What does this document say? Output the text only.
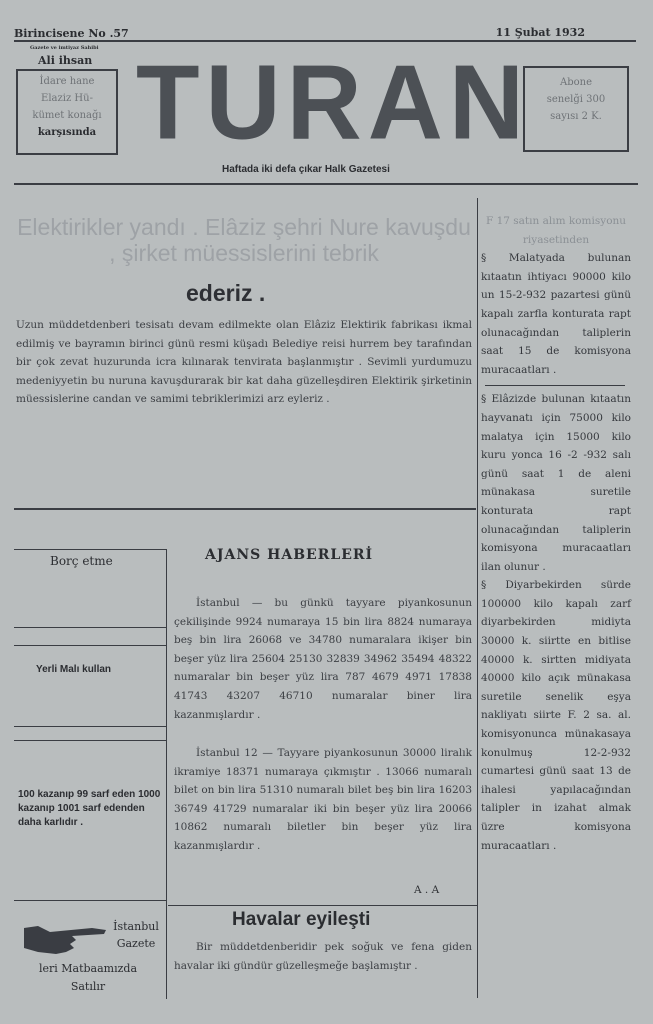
Birincisene No .57	11 Şubat 1932
Gazete ve imtiyaz Sahibi
Ali ihsan
İdare hane
Elaziz Hü-
kümet konağı
karşısında TURAN	Abone
senelği 300
sayısı 2 K.
Haftada iki defa çıkar Halk Gazetesi
Elektirikler yandı . Elâziz şehri Nure kavuşdu , şirket müessislerini tebrik
ederiz .
Uzun müddetdenberi tesisatı devam edilmekte olan Elâziz Elektirik fabrikası ikmal edilmiş ve bayramın birinci günü resmi küşadı Belediye reisi hurrem bey tarafından bir çok zevat huzurunda icra kılınarak tenvirata başlanmıştır . Sevimli yurdumuzu medeniyyetin bu nuruna kavuşdurarak bir kat daha güzelleşdiren Elektirik şirketinin müessislerine candan ve samimi tebriklerimizi arz eyleriz .

F 17 satın alım komisyonu riyasetinden

§ Malatyada bulunan kıtaatın ihtiyacı 90000 kilo un 15-2-932 pazartesi günü kapalı zarfla konturata rapt olunacağından taliplerin saat 15 de komisyona muracaatları .

§ Elâzizde bulunan kıtaatın hayvanatı için 75000 kilo malatya için 15000 kilo kuru yonca 16 -2 -932 salı günü saat 1 de aleni münakasa suretile konturata rapt olunacağından taliplerin komisyona muracaatları ilan olunur .

§ Diyarbekirden sürde 100000 kilo kapalı zarf diyarbekirden midiyta 30000 k. siirtte en bitlise 40000 k. sirtten midiyata 40000 kilo açık münakasa suretile senelik eşya nakliyatı siirte F. 2 sa. al. komisyonunca münakasaya konulmuş 12-2-932 cumartesi günü saat 13 de ihalesi yapılacağından talipler in izahat almak üzre komisyona muracaatları .

Borç etme
Yerli Malı kullan
100 kazanıp 99 sarf eden 1000 kazanıp 1001 sarf edenden daha karlıdır .
İstanbul Gazete
leri Matbaamızda Satılır
AJANS HABERLERİ
İstanbul — bu günkü tayyare piyankosunun çekilişinde 9924 numaraya 15 bin lira 8824 numaraya beş bin lira 26068 ve 34780 numaralara ikişer bin beşer yüz lira 25604 25130 32839 34962 35494 48322 numaralar bin beşer yüz lira 787 4679 4971 17838 41743 43207 46710 numaralar biner lira kazanmışlardır .
İstanbul 12 — Tayyare piyankosunun 30000 liralık ikramiye 18371 numaraya çıkmıştır . 13066 numaralı bilet on bin lira 51310 numaralı bilet beş bin lira 16203 36749 41729 numaralar iki bin beşer yüz lira 20066 10862 numaralı biletler bin beşer yüz lira kazanmışlardır .
A . A
Havalar eyileşti
Bir müddetdenberidir pek soğuk ve fena giden havalar iki gündür güzelleşmeğe başlamıştır .
